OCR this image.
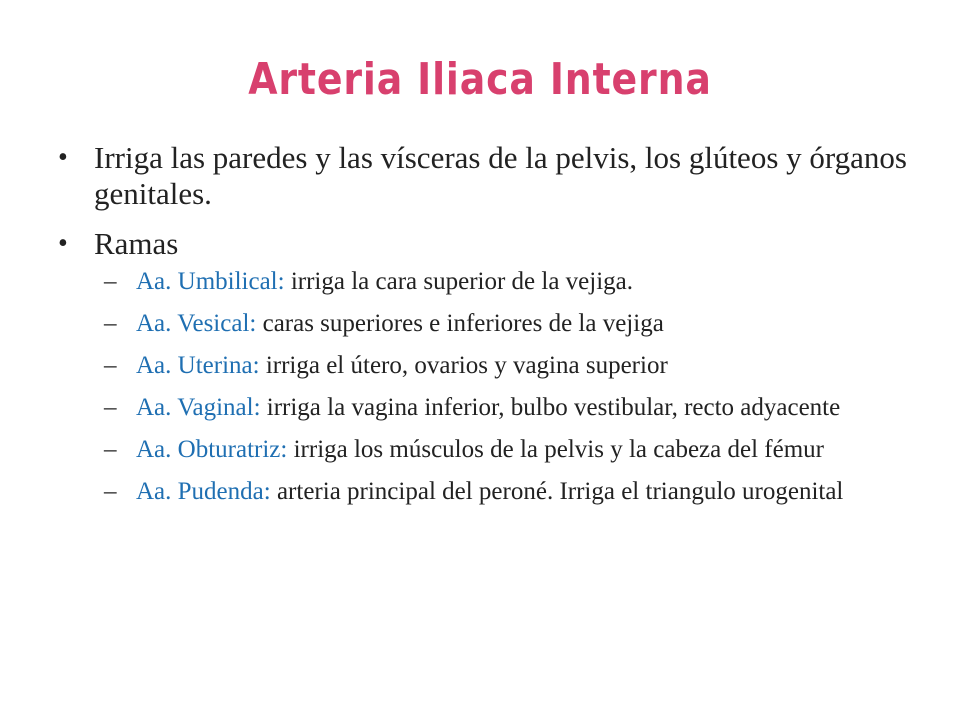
Arteria Iliaca Interna
• Irriga las paredes y las vísceras de la pelvis, los glúteos y órganos genitales.
• Ramas
– Aa. Umbilical: irriga la cara superior de la vejiga.
– Aa. Vesical: caras superiores e inferiores de la vejiga
– Aa. Uterina: irriga el útero, ovarios y vagina superior
– Aa. Vaginal: irriga la vagina inferior, bulbo vestibular, recto adyacente
– Aa. Obturatriz: irriga los músculos de la pelvis y la cabeza del fémur
– Aa. Pudenda: arteria principal del peroné. Irriga el triangulo urogenital
